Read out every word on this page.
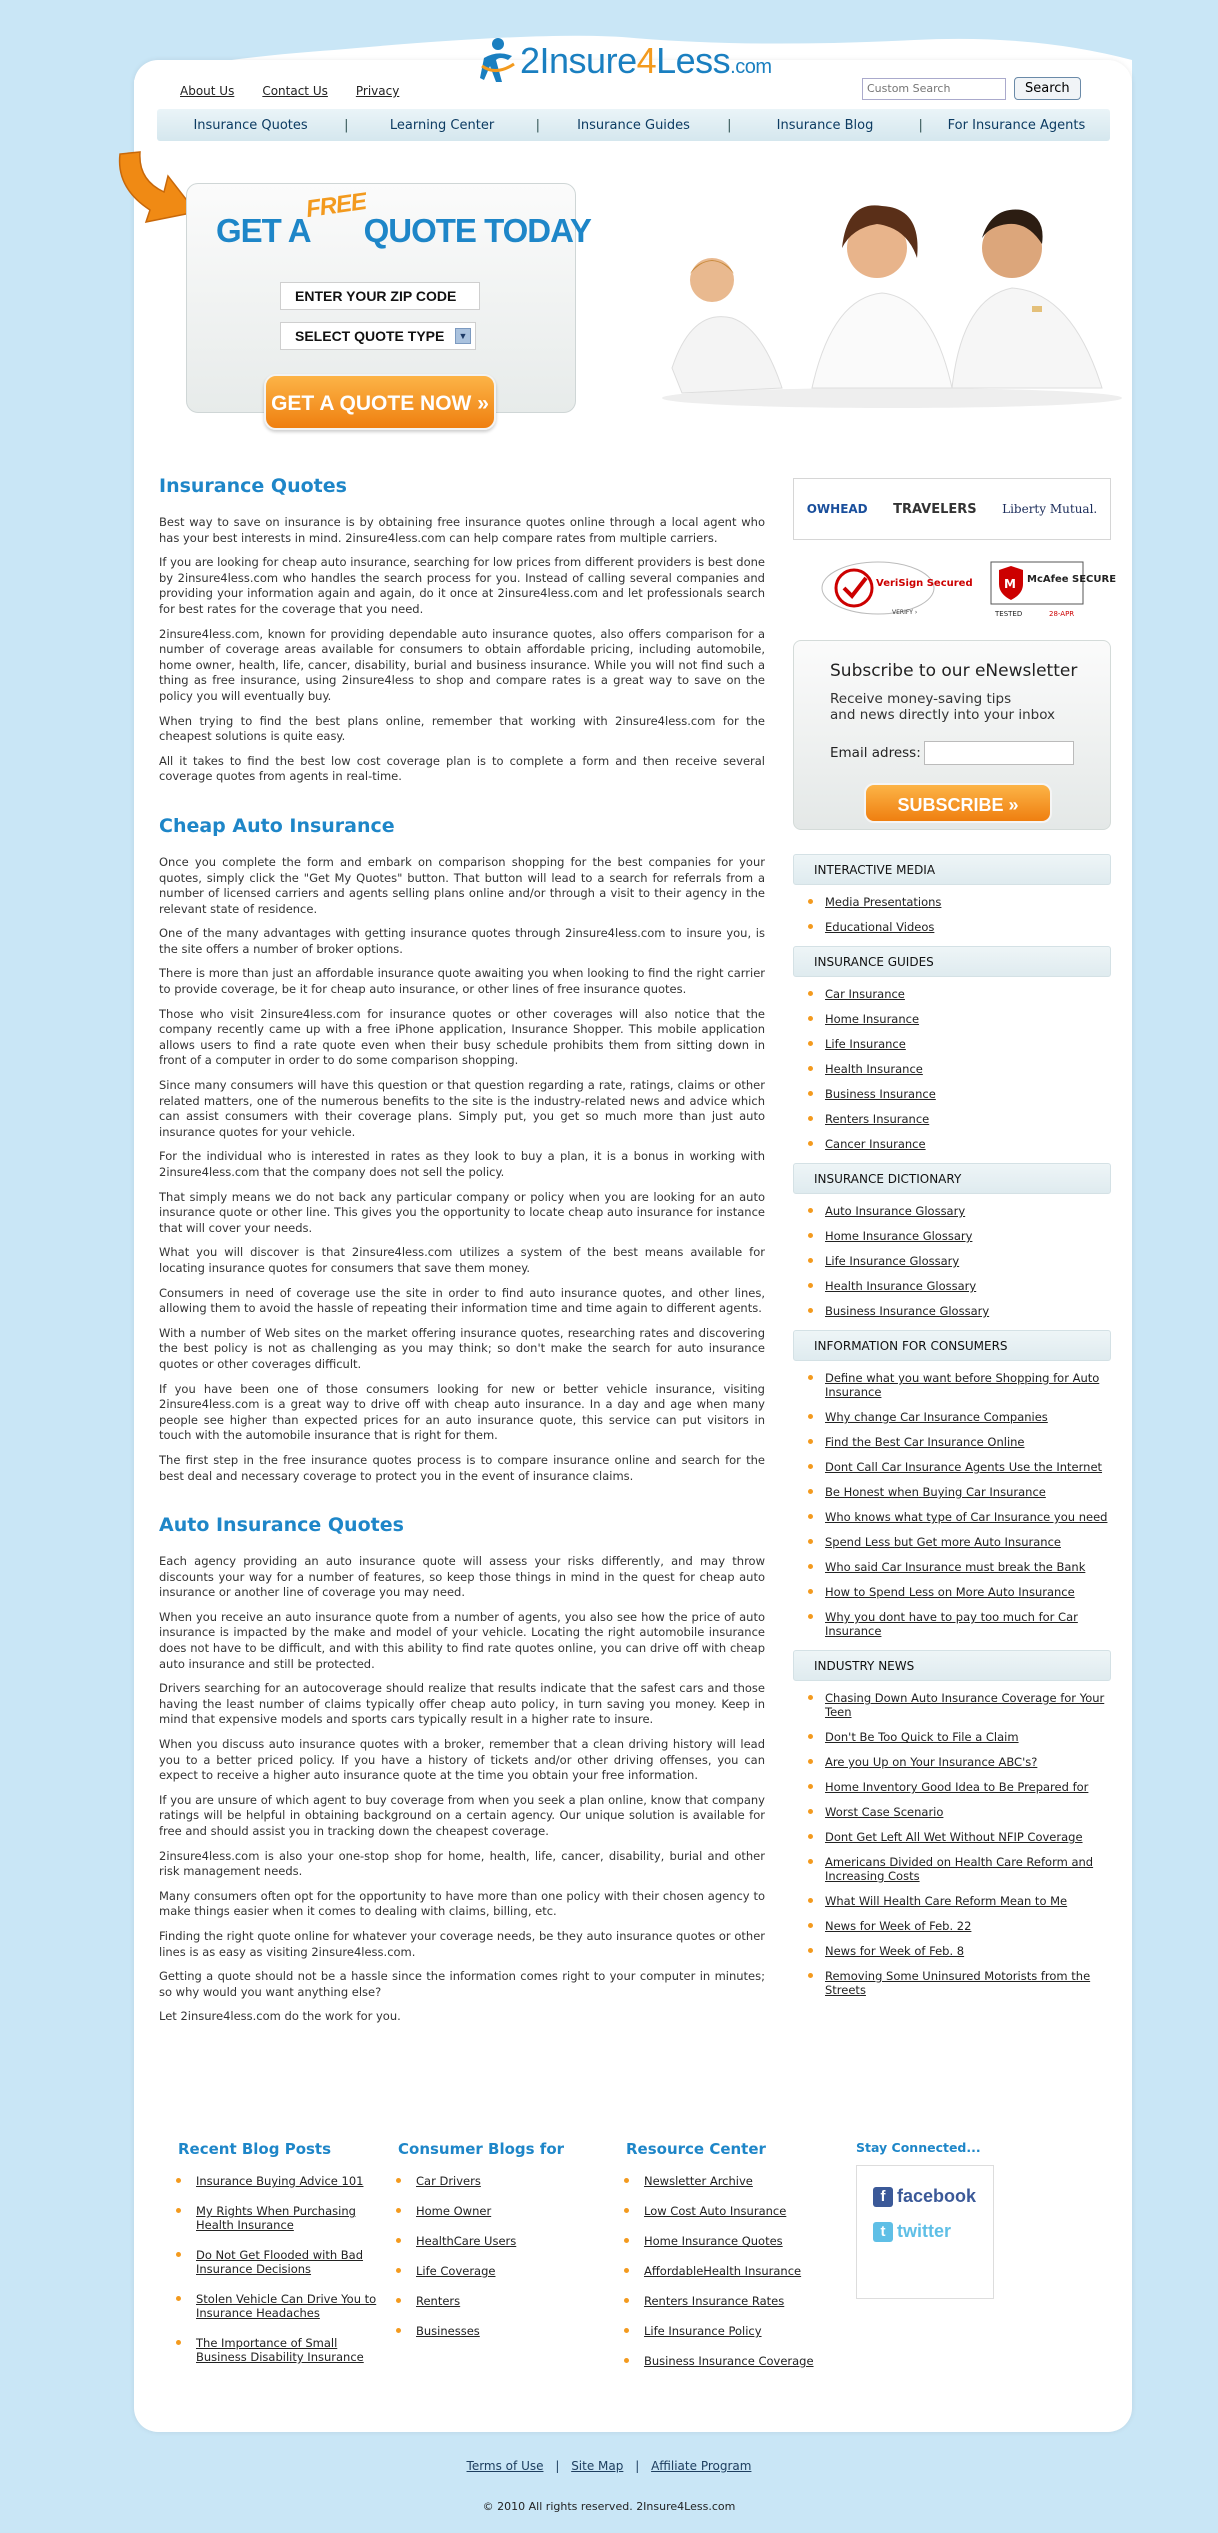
2Insure4Less.com
About Us Contact Us Privacy
Custom Search	Search
Insurance Quotes	|	Learning Center	|	Insurance Guides	|	Insurance Blog	|	For Insurance Agents
GET A
FREE
QUOTE TODAY
ENTER YOUR ZIP CODE
SELECT QUOTE TYPE	▼
GET A QUOTE NOW »
Insurance Quotes

Best way to save on insurance is by obtaining free insurance quotes online through a local agent who has your best interests in mind. 2insure4less.com can help compare rates from multiple carriers.

If you are looking for cheap auto insurance, searching for low prices from different providers is best done by 2insure4less.com who handles the search process for you. Instead of calling several companies and providing your information again and again, do it once at 2insure4less.com and let professionals search for best rates for the coverage that you need.

2insure4less.com, known for providing dependable auto insurance quotes, also offers comparison for a number of coverage areas available for consumers to obtain affordable pricing, including automobile, home owner, health, life, cancer, disability, burial and business insurance. While you will not find such a thing as free insurance, using 2insure4less to shop and compare rates is a great way to save on the policy you will eventually buy.

When trying to find the best plans online, remember that working with 2insure4less.com for the cheapest solutions is quite easy.

All it takes to find the best low cost coverage plan is to complete a form and then receive several coverage quotes from agents in real-time.

Cheap Auto Insurance

Once you complete the form and embark on comparison shopping for the best companies for your quotes, simply click the "Get My Quotes" button. That button will lead to a search for referrals from a number of licensed carriers and agents selling plans online and/or through a visit to their agency in the relevant state of residence.

One of the many advantages with getting insurance quotes through 2insure4less.com to insure you, is the site offers a number of broker options.

There is more than just an affordable insurance quote awaiting you when looking to find the right carrier to provide coverage, be it for cheap auto insurance, or other lines of free insurance quotes.

Those who visit 2insure4less.com for insurance quotes or other coverages will also notice that the company recently came up with a free iPhone application, Insurance Shopper. This mobile application allows users to find a rate quote even when their busy schedule prohibits them from sitting down in front of a computer in order to do some comparison shopping.

Since many consumers will have this question or that question regarding a rate, ratings, claims or other related matters, one of the numerous benefits to the site is the industry-related news and advice which can assist consumers with their coverage plans. Simply put, you get so much more than just auto insurance quotes for your vehicle.

For the individual who is interested in rates as they look to buy a plan, it is a bonus in working with 2insure4less.com that the company does not sell the policy.

That simply means we do not back any particular company or policy when you are looking for an auto insurance quote or other line. This gives you the opportunity to locate cheap auto insurance for instance that will cover your needs.

What you will discover is that 2insure4less.com utilizes a system of the best means available for locating insurance quotes for consumers that save them money.

Consumers in need of coverage use the site in order to find auto insurance quotes, and other lines, allowing them to avoid the hassle of repeating their information time and time again to different agents.

With a number of Web sites on the market offering insurance quotes, researching rates and discovering the best policy is not as challenging as you may think; so don't make the search for auto insurance quotes or other coverages difficult.

If you have been one of those consumers looking for new or better vehicle insurance, visiting 2insure4less.com is a great way to drive off with cheap auto insurance. In a day and age when many people see higher than expected prices for an auto insurance quote, this service can put visitors in touch with the automobile insurance that is right for them.

The first step in the free insurance quotes process is to compare insurance online and search for the best deal and necessary coverage to protect you in the event of insurance claims.

Auto Insurance Quotes

Each agency providing an auto insurance quote will assess your risks differently, and may throw discounts your way for a number of features, so keep those things in mind in the quest for cheap auto insurance or another line of coverage you may need.

When you receive an auto insurance quote from a number of agents, you also see how the price of auto insurance is impacted by the make and model of your vehicle. Locating the right automobile insurance does not have to be difficult, and with this ability to find rate quotes online, you can drive off with cheap auto insurance and still be protected.

Drivers searching for an autocoverage should realize that results indicate that the safest cars and those having the least number of claims typically offer cheap auto policy, in turn saving you money. Keep in mind that expensive models and sports cars typically result in a higher rate to insure.

When you discuss auto insurance quotes with a broker, remember that a clean driving history will lead you to a better priced policy. If you have a history of tickets and/or other driving offenses, you can expect to receive a higher auto insurance quote at the time you obtain your free information.

If you are unsure of which agent to buy coverage from when you seek a plan online, know that company ratings will be helpful in obtaining background on a certain agency. Our unique solution is available for free and should assist you in tracking down the cheapest coverage.

2insure4less.com is also your one-stop shop for home, health, life, cancer, disability, burial and other risk management needs.

Many consumers often opt for the opportunity to have more than one policy with their chosen agency to make things easier when it comes to dealing with claims, billing, etc.

Finding the right quote online for whatever your coverage needs, be they auto insurance quotes or other lines is as easy as visiting 2insure4less.com.

Getting a quote should not be a hassle since the information comes right to your computer in minutes; so why would you want anything else?

Let 2insure4less.com do the work for you.

OWHEAD TRAVELERS Liberty Mutual.
VeriSign Secured
VERIFY ›
M McAfee SECURE
TESTED	28-APR
Subscribe to our eNewsletter
Receive money-saving tips
and news directly into your inbox
Email adress:
SUBSCRIBE »
INTERACTIVE MEDIA
Media Presentations
Educational Videos
INSURANCE GUIDES
Car Insurance
Home Insurance
Life Insurance
Health Insurance
Business Insurance
Renters Insurance
Cancer Insurance
INSURANCE DICTIONARY
Auto Insurance Glossary
Home Insurance Glossary
Life Insurance Glossary
Health Insurance Glossary
Business Insurance Glossary
INFORMATION FOR CONSUMERS
Define what you want before Shopping for Auto Insurance
Why change Car Insurance Companies
Find the Best Car Insurance Online
Dont Call Car Insurance Agents Use the Internet
Be Honest when Buying Car Insurance
Who knows what type of Car Insurance you need
Spend Less but Get more Auto Insurance
Who said Car Insurance must break the Bank
How to Spend Less on More Auto Insurance
Why you dont have to pay too much for Car Insurance
INDUSTRY NEWS
Chasing Down Auto Insurance Coverage for Your Teen
Don't Be Too Quick to File a Claim
Are you Up on Your Insurance ABC's?
Home Inventory Good Idea to Be Prepared for
Worst Case Scenario
Dont Get Left All Wet Without NFIP Coverage
Americans Divided on Health Care Reform and Increasing Costs
What Will Health Care Reform Mean to Me
News for Week of Feb. 22
News for Week of Feb. 8
Removing Some Uninsured Motorists from the Streets
Recent Blog Posts
Insurance Buying Advice 101
My Rights When Purchasing Health Insurance
Do Not Get Flooded with Bad Insurance Decisions
Stolen Vehicle Can Drive You to Insurance Headaches
The Importance of Small Business Disability Insurance
Consumer Blogs for
Car Drivers
Home Owner
HealthCare Users
Life Coverage
Renters
Businesses
Resource Center
Newsletter Archive
Low Cost Auto Insurance
Home Insurance Quotes
AffordableHealth Insurance
Renters Insurance Rates
Life Insurance Policy
Business Insurance Coverage
Stay Connected...
f facebook
t twitter
Terms of Use | Site Map | Affiliate Program
© 2010 All rights reserved. 2Insure4Less.com
